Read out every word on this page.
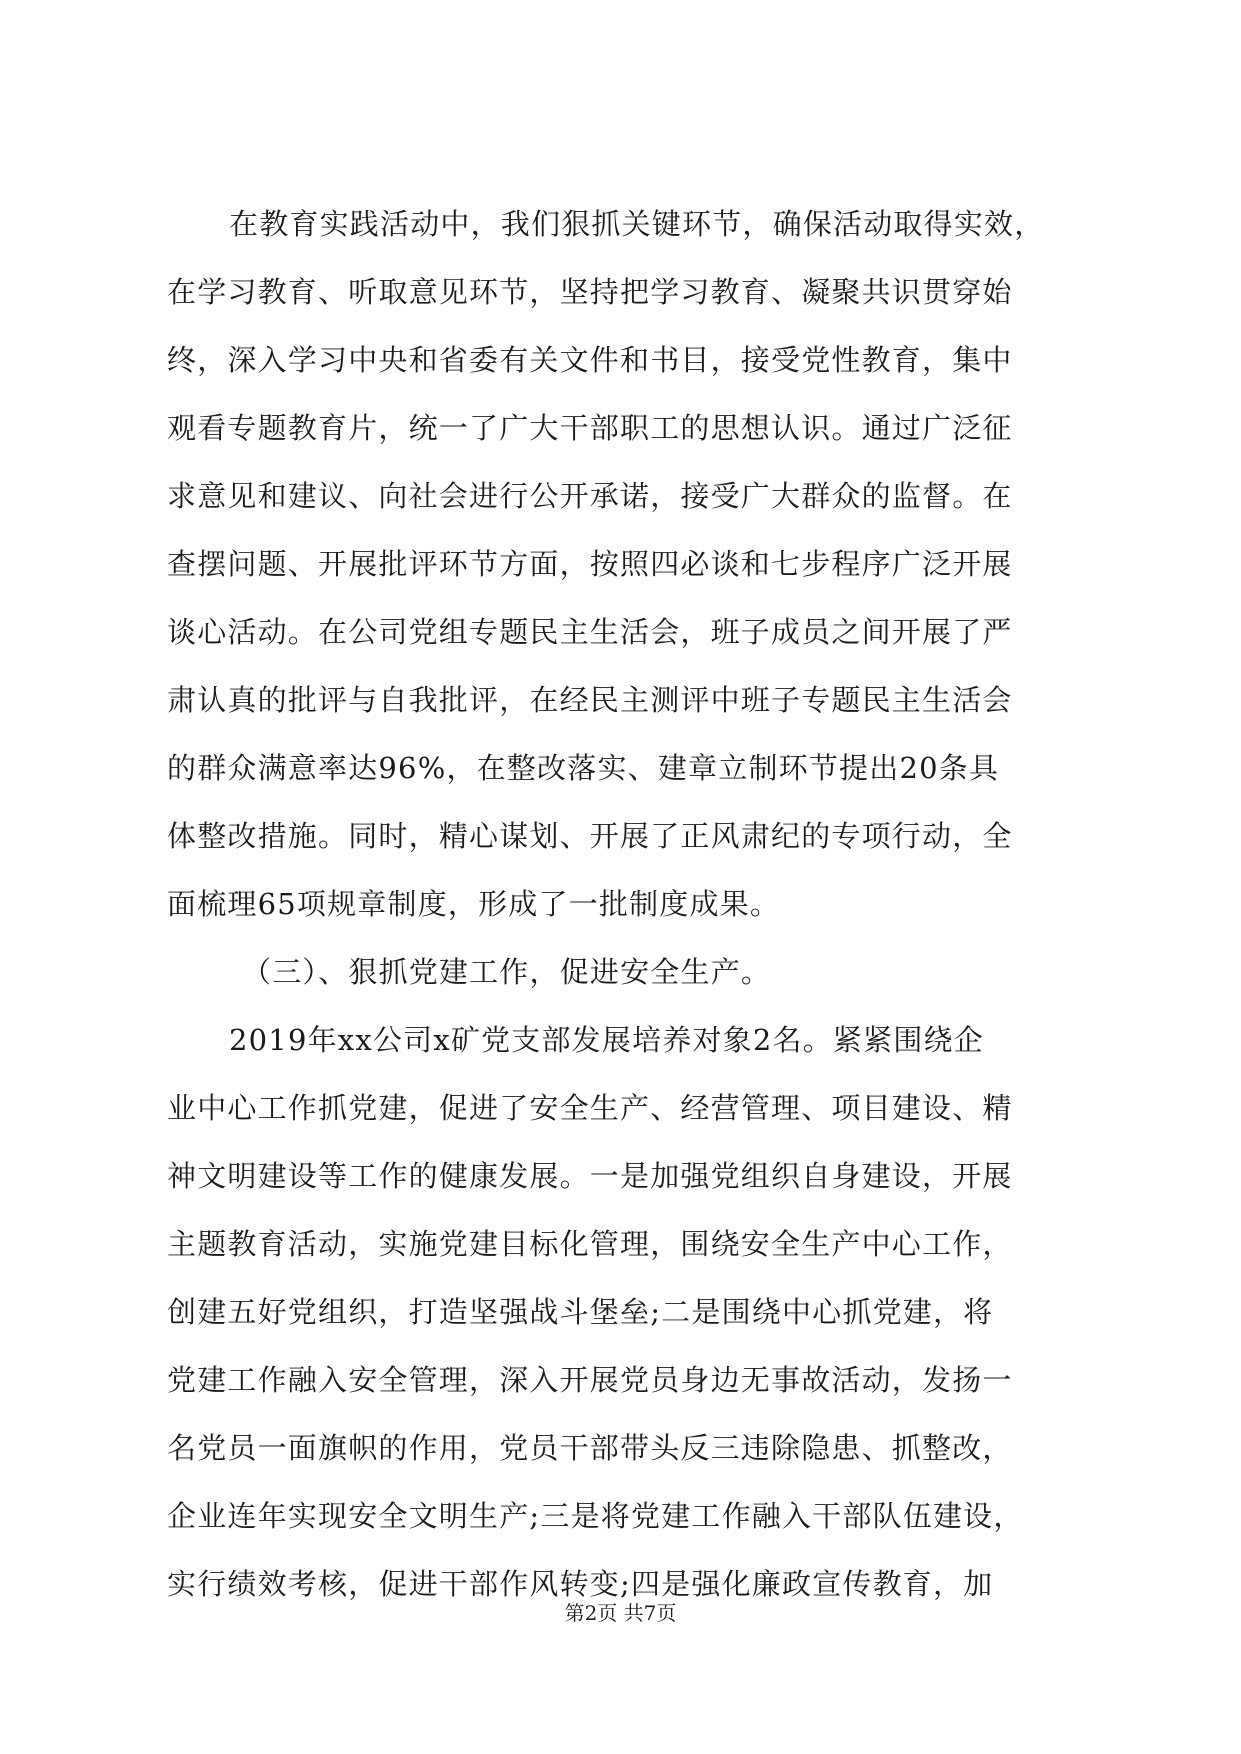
在教育实践活动中，我们狠抓关键环节，确保活动取得实效，
在学习教育、听取意见环节，坚持把学习教育、凝聚共识贯穿始
终，深入学习中央和省委有关文件和书目，接受党性教育，集中
观看专题教育片，统一了广大干部职工的思想认识。通过广泛征
求意见和建议、向社会进行公开承诺，接受广大群众的监督。在
查摆问题、开展批评环节方面，按照四必谈和七步程序广泛开展
谈心活动。在公司党组专题民主生活会，班子成员之间开展了严
肃认真的批评与自我批评，在经民主测评中班子专题民主生活会
的群众满意率达96%，在整改落实、建章立制环节提出20条具
体整改措施。同时，精心谋划、开展了正风肃纪的专项行动，全
面梳理65项规章制度，形成了一批制度成果。
（三）、狠抓党建工作，促进安全生产。
2019年xx公司x矿党支部发展培养对象2名。紧紧围绕企
业中心工作抓党建，促进了安全生产、经营管理、项目建设、精
神文明建设等工作的健康发展。一是加强党组织自身建设，开展
主题教育活动，实施党建目标化管理，围绕安全生产中心工作，
创建五好党组织，打造坚强战斗堡垒;二是围绕中心抓党建，将
党建工作融入安全管理，深入开展党员身边无事故活动，发扬一
名党员一面旗帜的作用，党员干部带头反三违除隐患、抓整改，
企业连年实现安全文明生产;三是将党建工作融入干部队伍建设，
实行绩效考核，促进干部作风转变;四是强化廉政宣传教育，加
第2页 共7页
